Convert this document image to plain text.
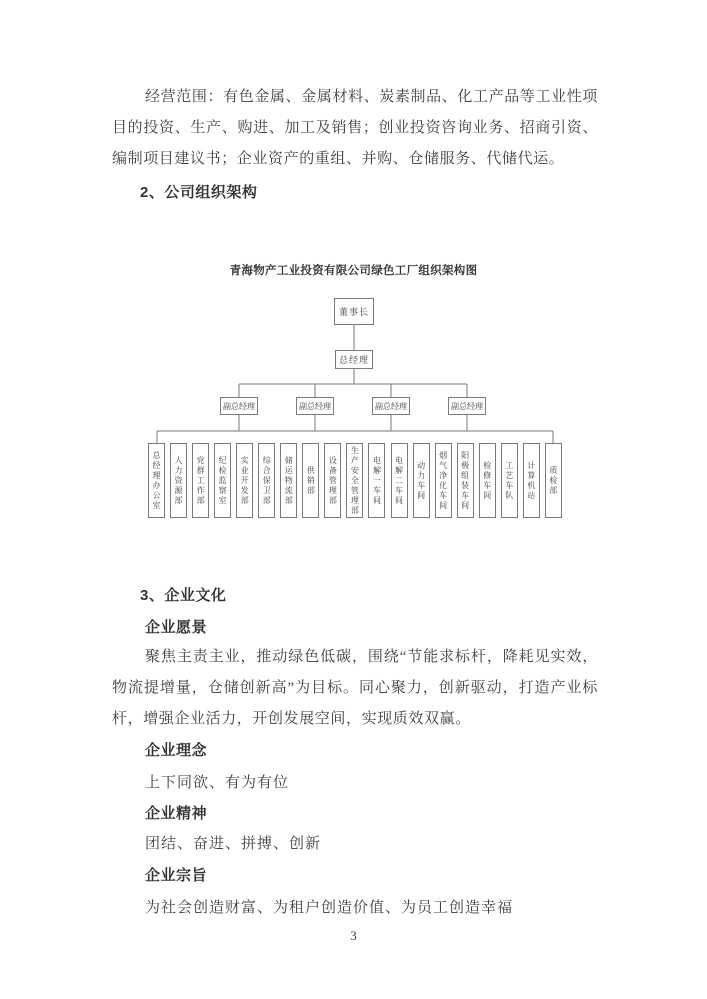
经营范围：有色金属、金属材料、炭素制品、化工产品等工业性项目的投资、生产、购进、加工及销售；创业投资咨询业务、招商引资、编制项目建议书；企业资产的重组、并购、仓储服务、代储代运。

2、公司组织架构
青海物产工业投资有限公司绿色工厂组织架构图
董事长
总经理
副总经理	副总经理	副总经理	副总经理
总经理办公室	人力资源部	党群工作部	纪检监察室	实业开发部	综合保卫部	储运物流部	供销部	设备管理部	生产安全管理部	电解一车间	电解二车间	动力车间	烟气净化车间	阳极组装车间	检修车间	工艺车队	计算机站	质检部
3、企业文化
企业愿景

聚焦主责主业，推动绿色低碳，围绕“节能求标杆，降耗见实效，物流提增量，仓储创新高”为目标。同心聚力，创新驱动，打造产业标杆，增强企业活力，开创发展空间，实现质效双赢。

企业理念
上下同欲、有为有位
企业精神
团结、奋进、拼搏、创新
企业宗旨
为社会创造财富、为租户创造价值、为员工创造幸福
3
